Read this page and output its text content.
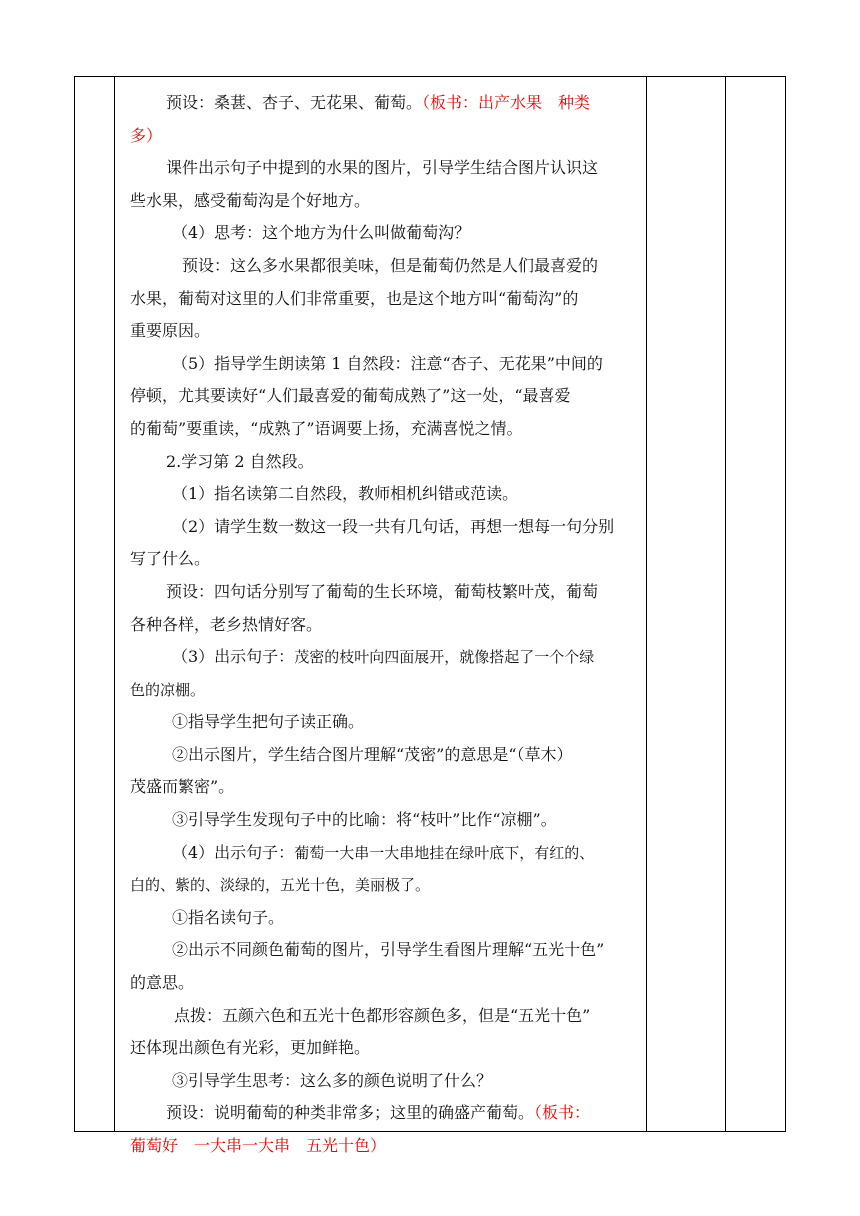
预设：桑葚、杏子、无花果、葡萄。（板书：出产水果　种类

多）

课件出示句子中提到的水果的图片，引导学生结合图片认识这

些水果，感受葡萄沟是个好地方。

（4）思考：这个地方为什么叫做葡萄沟？

预设：这么多水果都很美味，但是葡萄仍然是人们最喜爱的

水果，葡萄对这里的人们非常重要，也是这个地方叫“葡萄沟”的

重要原因。

（5）指导学生朗读第 1 自然段：注意“杏子、无花果”中间的

停顿，尤其要读好“人们最喜爱的葡萄成熟了”这一处，“最喜爱

的葡萄”要重读，“成熟了”语调要上扬，充满喜悦之情。

2.学习第 2 自然段。

（1）指名读第二自然段，教师相机纠错或范读。

（2）请学生数一数这一段一共有几句话，再想一想每一句分别

写了什么。

预设：四句话分别写了葡萄的生长环境，葡萄枝繁叶茂，葡萄

各种各样，老乡热情好客。

（3）出示句子：茂密的枝叶向四面展开，就像搭起了一个个绿

色的凉棚。

①指导学生把句子读正确。

②出示图片，学生结合图片理解“茂密”的意思是“（草木）

茂盛而繁密”。

③引导学生发现句子中的比喻：将“枝叶”比作“凉棚”。

（4）出示句子：葡萄一大串一大串地挂在绿叶底下，有红的、

白的、紫的、淡绿的，五光十色，美丽极了。

①指名读句子。

②出示不同颜色葡萄的图片，引导学生看图片理解“五光十色”

的意思。

点拨：五颜六色和五光十色都形容颜色多，但是“五光十色”

还体现出颜色有光彩，更加鲜艳。

③引导学生思考：这么多的颜色说明了什么？

预设：说明葡萄的种类非常多；这里的确盛产葡萄。（板书：

葡萄好　一大串一大串　五光十色）
